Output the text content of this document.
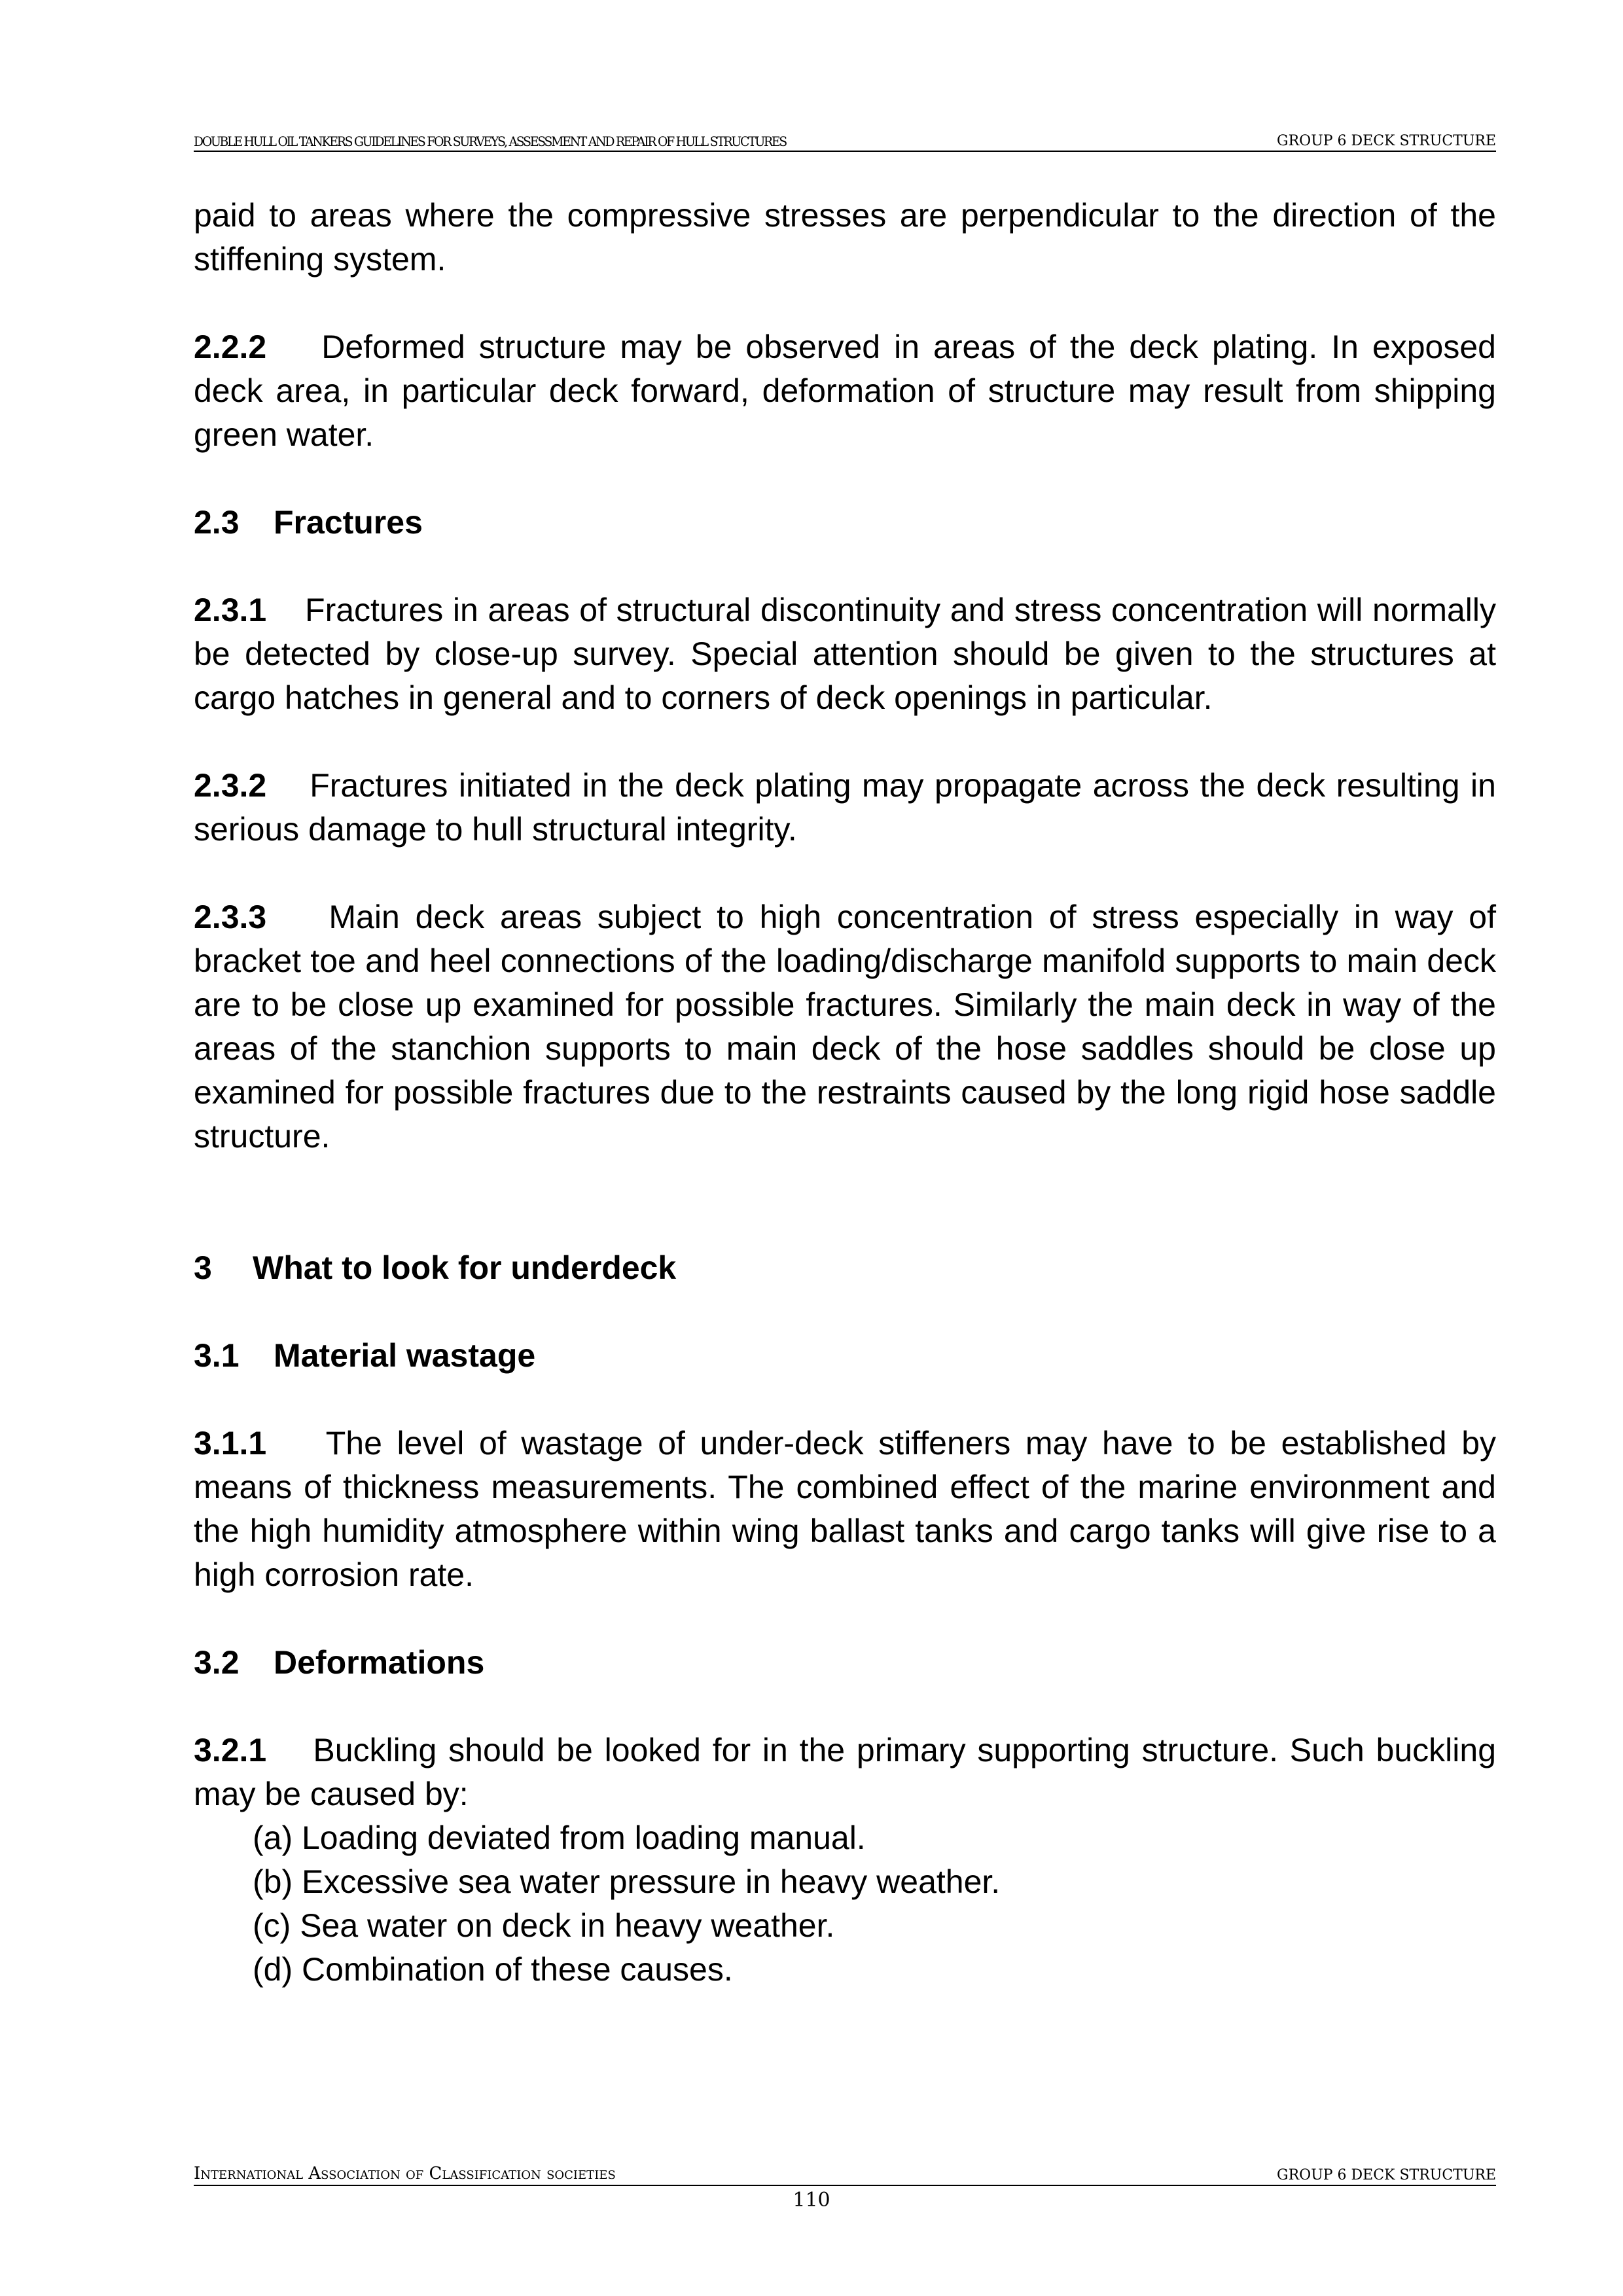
DOUBLE HULL OIL TANKERS GUIDELINES FOR SURVEYS, ASSESSMENT AND REPAIR OF HULL STRUCTURES	GROUP 6 DECK STRUCTURE

paid to areas where the compressive stresses are perpendicular to the direction of the stiffening system.

2.2.2 Deformed structure may be observed in areas of the deck plating. In exposed deck area, in particular deck forward, deformation of structure may result from shipping green water.

2.3 Fractures

2.3.1 Fractures in areas of structural discontinuity and stress concentration will normally be detected by close-up survey. Special attention should be given to the structures at cargo hatches in general and to corners of deck openings in particular.

2.3.2 Fractures initiated in the deck plating may propagate across the deck resulting in serious damage to hull structural integrity.

2.3.3 Main deck areas subject to high concentration of stress especially in way of bracket toe and heel connections of the loading/discharge manifold supports to main deck are to be close up examined for possible fractures. Similarly the main deck in way of the areas of the stanchion supports to main deck of the hose saddles should be close up examined for possible fractures due to the restraints caused by the long rigid hose saddle structure.

3 What to look for underdeck

3.1 Material wastage

3.1.1 The level of wastage of under-deck stiffeners may have to be established by means of thickness measurements. The combined effect of the marine environment and the high humidity atmosphere within wing ballast tanks and cargo tanks will give rise to a high corrosion rate.

3.2 Deformations

3.2.1 Buckling should be looked for in the primary supporting structure. Such buckling may be caused by:

(a) Loading deviated from loading manual.
(b) Excessive sea water pressure in heavy weather.
(c) Sea water on deck in heavy weather.
(d) Combination of these causes.
International Association of Classification societies	GROUP 6 DECK STRUCTURE
110
